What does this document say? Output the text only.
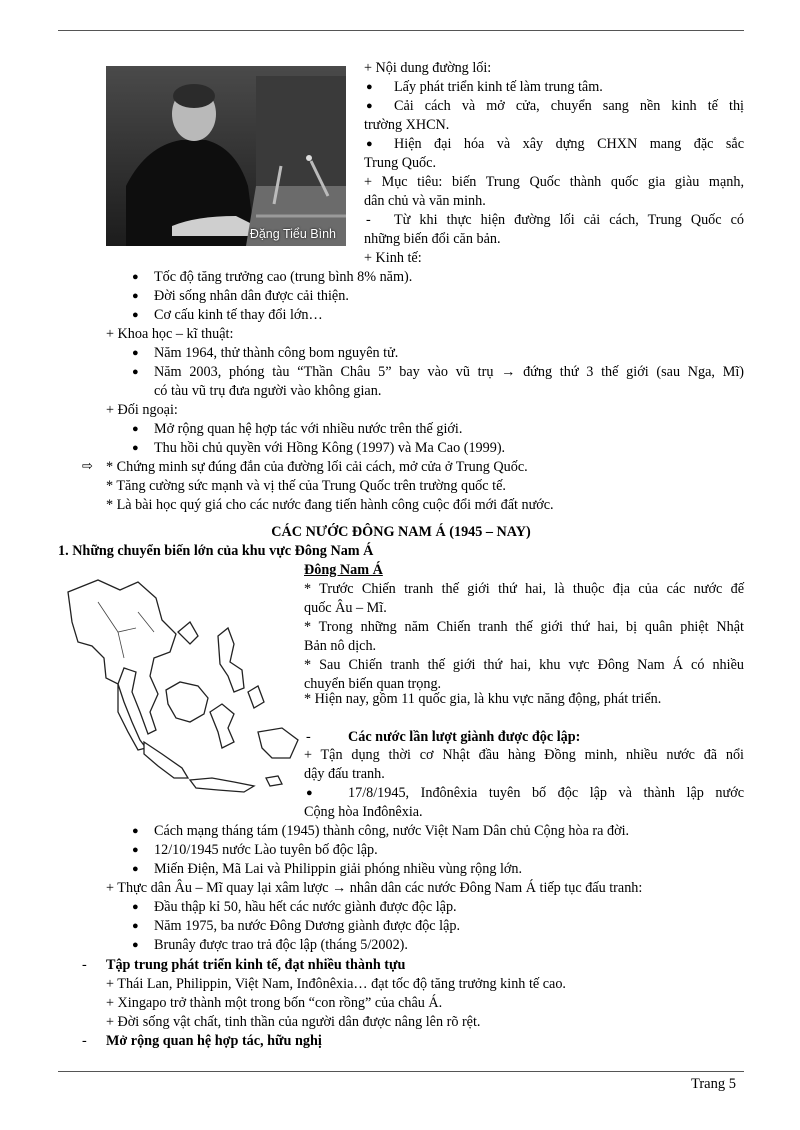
Đặng Tiểu Bình
+ Nội dung đường lối:
● Lấy phát triển kinh tế làm trung tâm.
● Cải cách và mở cửa, chuyển sang nền kinh tế thị
trường XHCN.
● Hiện đại hóa và xây dựng CHXN mang đặc sắc
Trung Quốc.
+ Mục tiêu: biến Trung Quốc thành quốc gia giàu mạnh,
dân chủ và văn minh.
- Từ khi thực hiện đường lối cải cách, Trung Quốc có
những biến đổi căn bản.
+ Kinh tế:
● Tốc độ tăng trưởng cao (trung bình 8% năm).
● Đời sống nhân dân được cải thiện.
● Cơ cấu kinh tế thay đổi lớn…
+ Khoa học – kĩ thuật:
● Năm 1964, thử thành công bom nguyên tử.
● Năm 2003, phóng tàu “Thần Châu 5” bay vào vũ trụ → đứng thứ 3 thế giới (sau Nga, Mĩ)
có tàu vũ trụ đưa người vào không gian.
+ Đối ngoại:
● Mở rộng quan hệ hợp tác với nhiều nước trên thế giới.
● Thu hồi chủ quyền với Hồng Kông (1997) và Ma Cao (1999).
⇨ * Chứng minh sự đúng đắn của đường lối cải cách, mở cửa ở Trung Quốc.
* Tăng cường sức mạnh và vị thế của Trung Quốc trên trường quốc tế.
* Là bài học quý giá cho các nước đang tiến hành công cuộc đổi mới đất nước.
CÁC NƯỚC ĐÔNG NAM Á (1945 – NAY)
1. Những chuyển biến lớn của khu vực Đông Nam Á
Đông Nam Á
* Trước Chiến tranh thế giới thứ hai, là thuộc địa của các nước đế
quốc Âu – Mĩ.
* Trong những năm Chiến tranh thế giới thứ hai, bị quân phiệt Nhật
Bản nô dịch.
* Sau Chiến tranh thế giới thứ hai, khu vực Đông Nam Á có nhiều
chuyển biến quan trọng.
* Hiện nay, gồm 11 quốc gia, là khu vực năng động, phát triển.
-	Các nước lần lượt giành được độc lập:
+ Tận dụng thời cơ Nhật đầu hàng Đồng minh, nhiều nước đã nổi
dậy đấu tranh.
● 17/8/1945, Inđônêxia tuyên bố độc lập và thành lập nước
Cộng hòa Inđônêxia.
● Cách mạng tháng tám (1945) thành công, nước Việt Nam Dân chủ Cộng hòa ra đời.
● 12/10/1945 nước Lào tuyên bố độc lập.
● Miến Điện, Mã Lai và Philippin giải phóng nhiều vùng rộng lớn.
+ Thực dân Âu – Mĩ quay lại xâm lược → nhân dân các nước Đông Nam Á tiếp tục đấu tranh:
● Đầu thập kỉ 50, hầu hết các nước giành được độc lập.
● Năm 1975, ba nước Đông Dương giành được độc lập.
● Brunây được trao trả độc lập (tháng 5/2002).
- Tập trung phát triển kinh tế, đạt nhiều thành tựu
+ Thái Lan, Philippin, Việt Nam, Inđônêxia… đạt tốc độ tăng trưởng kinh tế cao.
+ Xingapo trở thành một trong bốn “con rồng” của châu Á.
+ Đời sống vật chất, tinh thần của người dân được nâng lên rõ rệt.
- Mở rộng quan hệ hợp tác, hữu nghị
Trang 5
